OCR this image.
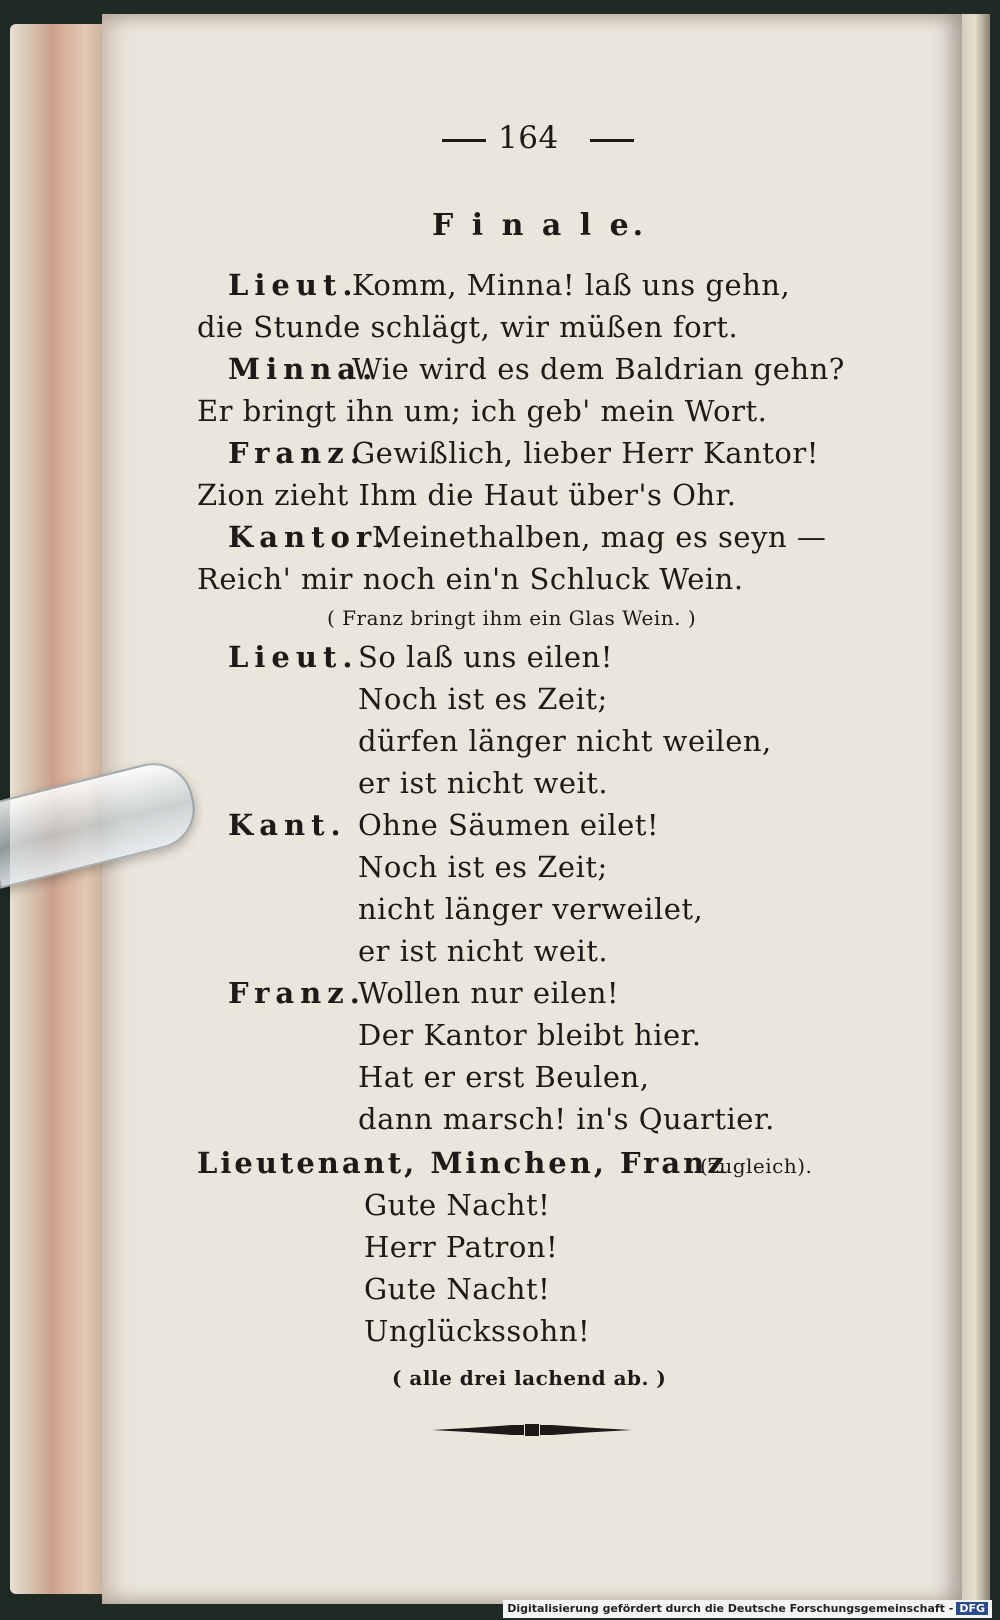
164
F i n a l e.
Lieut.
Komm, Minna! laß uns gehn,
die Stunde schlägt, wir müßen fort.
Minna.
Wie wird es dem Baldrian gehn?
Er bringt ihn um; ich geb' mein Wort.
Franz.
Gewißlich, lieber Herr Kantor!
Zion zieht Ihm die Haut über's Ohr.
Kantor.
Meinethalben, mag es seyn —
Reich' mir noch ein'n Schluck Wein.
( Franz bringt ihm ein Glas Wein. )
Lieut. So laß uns eilen!
Noch ist es Zeit;
dürfen länger nicht weilen,
er ist nicht weit.
Kant. Ohne Säumen eilet!
Noch ist es Zeit;
nicht länger verweilet,
er ist nicht weit.
Franz.
Wollen nur eilen!
Der Kantor bleibt hier.
Hat er erst Beulen,
dann marsch! in's Quartier.
Lieutenant, Minchen, Franz
(zugleich).
Gute Nacht!
Herr Patron!
Gute Nacht!
Unglückssohn!
( alle drei lachend ab. )
Digitalisierung gefördert durch die Deutsche Forschungsgemeinschaft - DFG
